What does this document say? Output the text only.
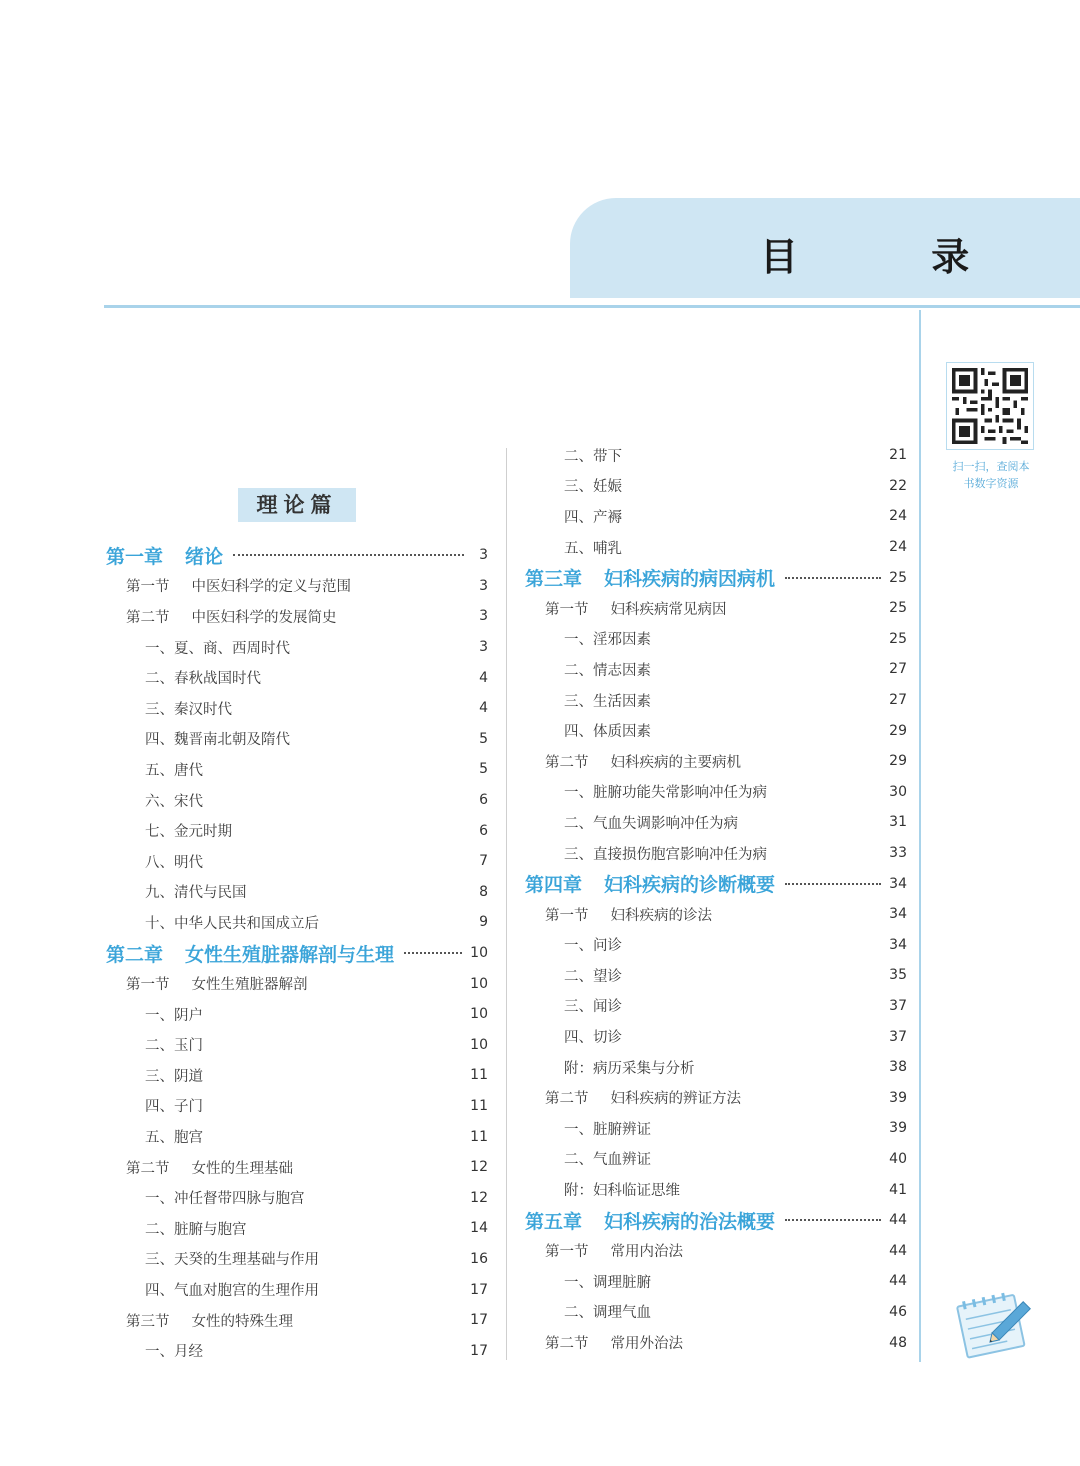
目 录
扫一扫，查阅本
书数字资源
理论篇
第一章 绪论	3
第一节 中医妇科学的定义与范围	3
第二节 中医妇科学的发展简史	3
一、夏、商、西周时代	3
二、春秋战国时代	4
三、秦汉时代	4
四、魏晋南北朝及隋代	5
五、唐代	5
六、宋代	6
七、金元时期	6
八、明代	7
九、清代与民国	8
十、中华人民共和国成立后	9
第二章 女性生殖脏器解剖与生理	10
第一节 女性生殖脏器解剖	10
一、阴户	10
二、玉门	10
三、阴道	11
四、子门	11
五、胞宫	11
第二节 女性的生理基础	12
一、冲任督带四脉与胞宫	12
二、脏腑与胞宫	14
三、天癸的生理基础与作用	16
四、气血对胞宫的生理作用	17
第三节 女性的特殊生理	17
一、月经	17
二、带下	21
三、妊娠	22
四、产褥	24
五、哺乳	24
第三章 妇科疾病的病因病机	25
第一节 妇科疾病常见病因	25
一、淫邪因素	25
二、情志因素	27
三、生活因素	27
四、体质因素	29
第二节 妇科疾病的主要病机	29
一、脏腑功能失常影响冲任为病	30
二、气血失调影响冲任为病	31
三、直接损伤胞宫影响冲任为病	33
第四章 妇科疾病的诊断概要	34
第一节 妇科疾病的诊法	34
一、问诊	34
二、望诊	35
三、闻诊	37
四、切诊	37
附：病历采集与分析	38
第二节 妇科疾病的辨证方法	39
一、脏腑辨证	39
二、气血辨证	40
附：妇科临证思维	41
第五章 妇科疾病的治法概要	44
第一节 常用内治法	44
一、调理脏腑	44
二、调理气血	46
第二节 常用外治法	48
